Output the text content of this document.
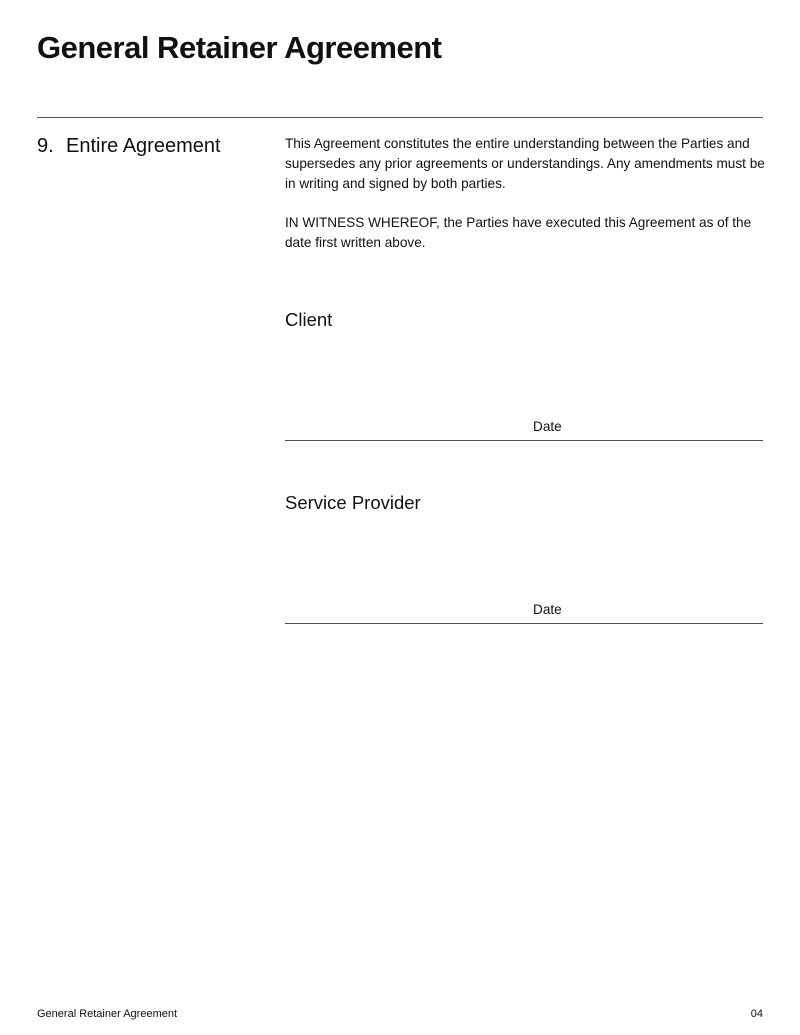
General Retainer Agreement
9. Entire Agreement	This Agreement constitutes the entire understanding between the Parties and supersedes any prior agreements or understandings. Any amendments must be in writing and signed by both parties.

IN WITNESS WHEREOF, the Parties have executed this Agreement as of the date first written above.

Client
Date
Service Provider
Date
General Retainer Agreement	04
